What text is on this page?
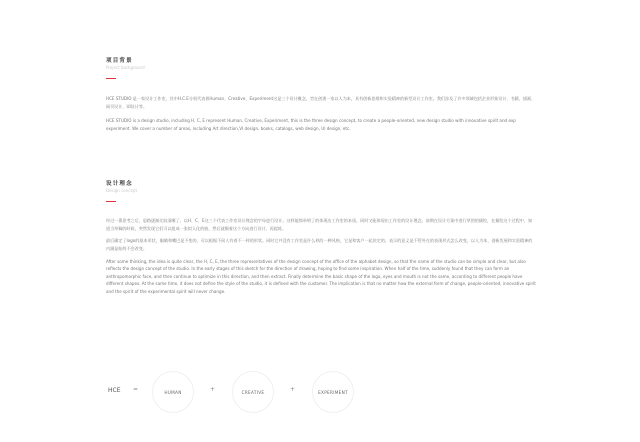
项目背景

Project background

HCE STUDIO 是一家设计工作室，其中H.C.E分别代表着Human、Creative、Experiment这是三个设计概念，旨在创建一家以人为本，具有创新思维和实验精神的新型设计工作室。我们涉及了许多领域包括企业形象设计、书籍、插画、网页设计、UI设计等。

HCE STUDIO is a design studio, including H, C, E represent Human, Creative, Experiment, this is the three design concept, to create a people-oriented, new design studio with innovative spirit and exp experiment. We cover a number of areas, including Art direction,VI design, books, catalogs, web design, UI design, etc.

设计理念

Design concept

经过一番思考之后，思路逐渐比较清晰了。以H、C、E这三个代表工作室设计理念的字母进行设计。这样能简单明了的体现出工作室的本质。同时又能体现出工作室的设计理念。前期在设计方案中进行草图的描绘，在描绘这个过程中，知道当草稿的时候，突然发现它们可以组成一张拟人化的脸，然后就顺着这个方向进行设计、再提炼。

最后确定了logo的基本形状，眼睛和嘴巴是不变的，可以根据不同人有着不一样的形状。同时它并没有工作室是什么样的一种风格，它是和客户一起决定的。表示的意义是不管外在的表现形式怎么改变，以人为本、创新发展和实验精神的内涵是始终不会改变。

After some thinking, the idea is quite clear, the H, C, E, the three representatives of the design concept of the office of the alphabet design, so that the name of the studio can be simple and clear, but also reflects the design concept of the studio. In the early stages of this sketch for the direction of drawing, hoping to find some inspiration. When half of the time, suddenly found that they can form an anthropomorphic face, and then continue to optimize in this direction, and then extract. Finally determine the basic shape of the logo, eyes and mouth is not the same, according to different people have different shapes. At the same time, it does not define the style of the studio, it is defined with the customer. The implication is that no matter how the external form of change, people-oriented, innovative spirit and the spirit of the experimental spirit will never change.

HCE =	HUMAN	+	CREATIVE	+	EXPERIMENT
